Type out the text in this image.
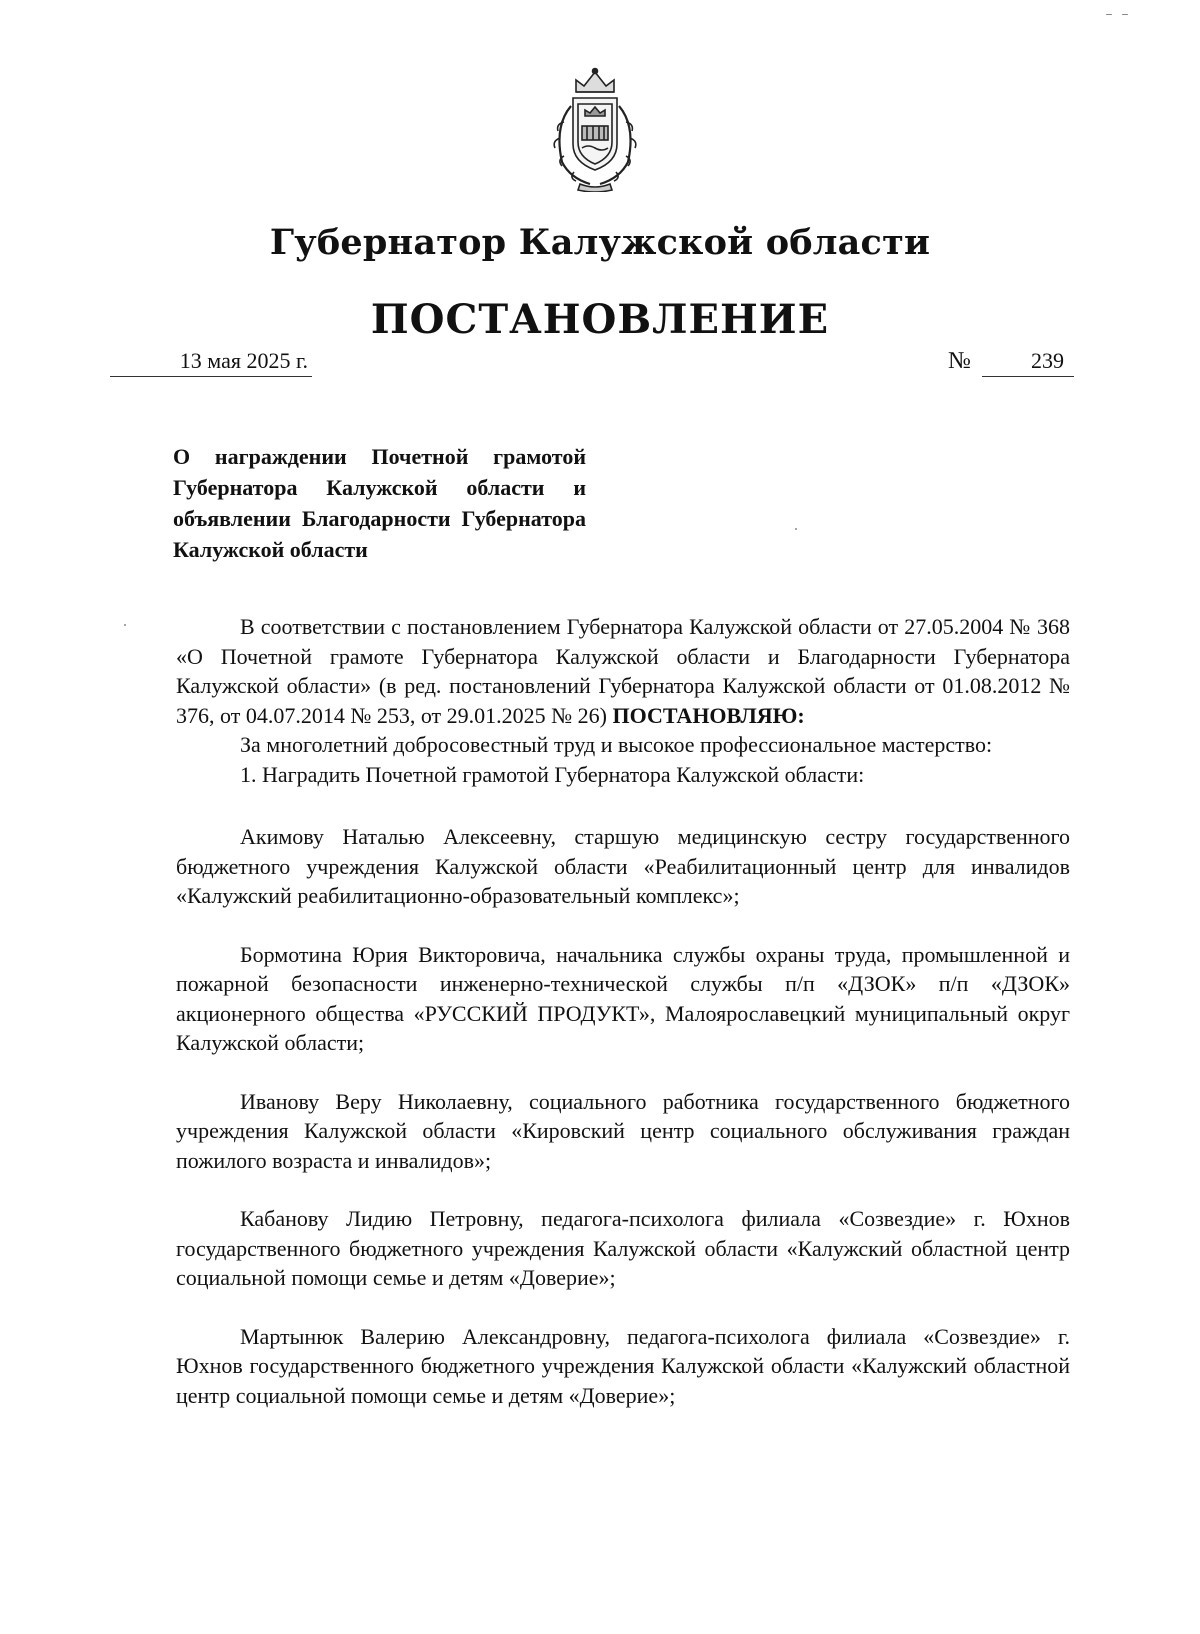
Губернатор Калужской области
ПОСТАНОВЛЕНИЕ
13 мая 2025 г.	№	239
О награждении Почетной грамотой Губернатора Калужской области и объявлении Благодарности Губернатора Калужской области

В соответствии с постановлением Губернатора Калужской области от 27.05.2004 № 368 «О Почетной грамоте Губернатора Калужской области и Благодарности Губернатора Калужской области» (в ред. постановлений Губернатора Калужской области от 01.08.2012 № 376, от 04.07.2014 № 253, от 29.01.2025 № 26) ПОСТАНОВЛЯЮ:

За многолетний добросовестный труд и высокое профессиональное мастерство:

1. Наградить Почетной грамотой Губернатора Калужской области:

Акимову Наталью Алексеевну, старшую медицинскую сестру государственного бюджетного учреждения Калужской области «Реабилитационный центр для инвалидов «Калужский реабилитационно-образовательный комплекс»;

Бормотина Юрия Викторовича, начальника службы охраны труда, промышленной и пожарной безопасности инженерно-технической службы п/п «ДЗОК» п/п «ДЗОК» акционерного общества «РУССКИЙ ПРОДУКТ», Малоярославецкий муниципальный округ Калужской области;

Иванову Веру Николаевну, социального работника государственного бюджетного учреждения Калужской области «Кировский центр социального обслуживания граждан пожилого возраста и инвалидов»;

Кабанову Лидию Петровну, педагога-психолога филиала «Созвездие» г. Юхнов государственного бюджетного учреждения Калужской области «Калужский областной центр социальной помощи семье и детям «Доверие»;

Мартынюк Валерию Александровну, педагога-психолога филиала «Созвездие» г. Юхнов государственного бюджетного учреждения Калужской области «Калужский областной центр социальной помощи семье и детям «Доверие»;
